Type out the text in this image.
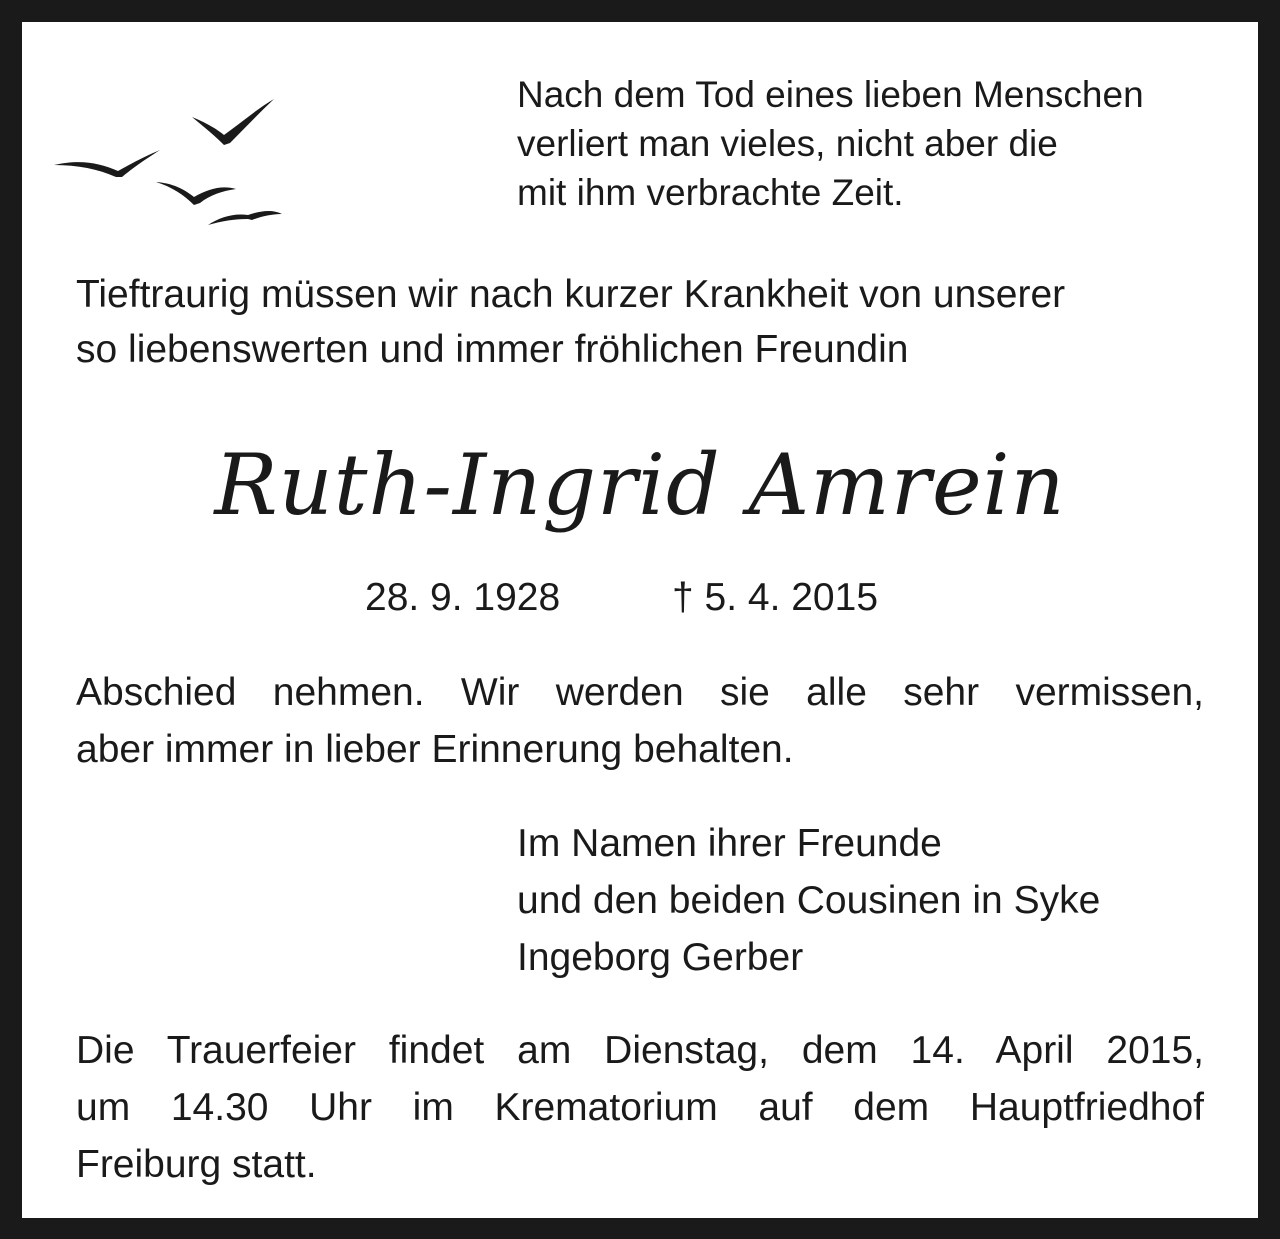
Nach dem Tod eines lieben Menschen
verliert man vieles, nicht aber die
mit ihm verbrachte Zeit.
Tieftraurig müssen wir nach kurzer Krankheit von unserer
so liebenswerten und immer fröhlichen Freundin
Ruth-Ingrid Amrein
28. 9. 1928	† 5. 4. 2015
Abschied nehmen. Wir werden sie alle sehr vermissen,
aber immer in lieber Erinnerung behalten.
Im Namen ihrer Freunde
und den beiden Cousinen in Syke
Ingeborg Gerber
Die Trauerfeier findet am Dienstag, dem 14. April 2015,
um 14.30 Uhr im Krematorium auf dem Hauptfriedhof
Freiburg statt.
